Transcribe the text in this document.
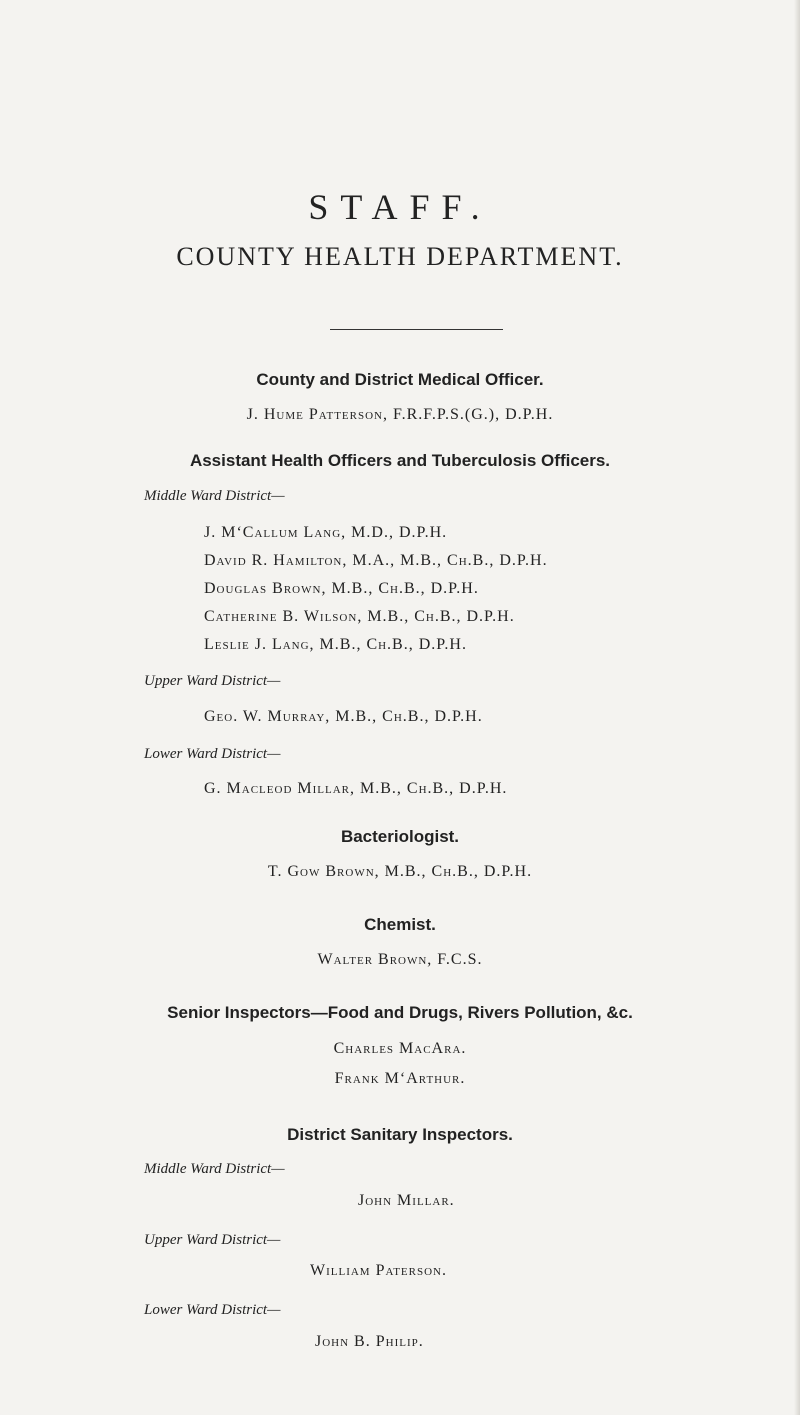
STAFF.
COUNTY HEALTH DEPARTMENT.
County and District Medical Officer.
J. Hume Patterson, F.R.F.P.S.(G.), D.P.H.
Assistant Health Officers and Tuberculosis Officers.
Middle Ward District—
J. M‘Callum Lang, M.D., D.P.H.
David R. Hamilton, M.A., M.B., Ch.B., D.P.H.
Douglas Brown, M.B., Ch.B., D.P.H.
Catherine B. Wilson, M.B., Ch.B., D.P.H.
Leslie J. Lang, M.B., Ch.B., D.P.H.
Upper Ward District—
Geo. W. Murray, M.B., Ch.B., D.P.H.
Lower Ward District—
G. Macleod Millar, M.B., Ch.B., D.P.H.
Bacteriologist.
T. Gow Brown, M.B., Ch.B., D.P.H.
Chemist.
Walter Brown, F.C.S.
Senior Inspectors—Food and Drugs, Rivers Pollution, &c.
Charles MacAra.
Frank M‘Arthur.
District Sanitary Inspectors.
Middle Ward District—
John Millar.
Upper Ward District—
William Paterson.
Lower Ward District—
John B. Philip.
